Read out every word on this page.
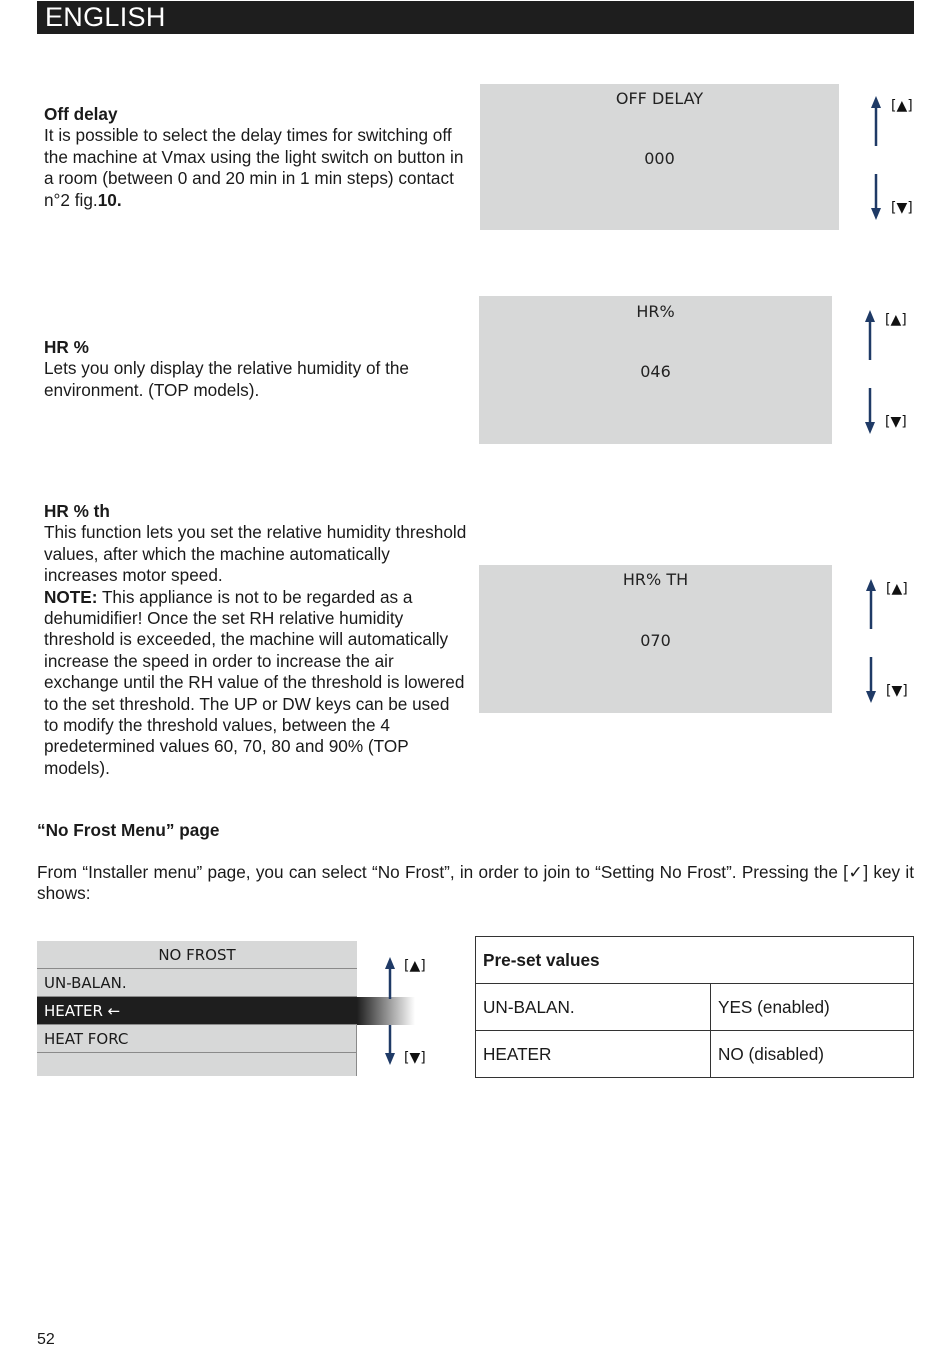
ENGLISH
Off delay

It is possible to select the delay times for switching off the machine at Vmax using the light switch on button in a room (between 0 and 20 min in 1 min steps) contact n°2 fig.10.

OFF DELAY
000
[▲]
[▼]
HR %

Lets you only display the relative humidity of the environment. (TOP models).

HR%
046
[▲]
[▼]
HR % th

This function lets you set the relative humidity threshold values, after which the machine automatically increases motor speed.

NOTE: This appliance is not to be regarded as a dehumidifier! Once the set RH relative humidity threshold is exceeded, the machine will automatically increase the speed in order to increase the air exchange until the RH value of the threshold is lowered to the set threshold. The UP or DW keys can be used to modify the threshold values, between the 4 predetermined values 60, 70, 80 and 90% (TOP models).

HR% TH
070
[▲]
[▼]
“No Frost Menu” page
From “Installer menu” page, you can select “No Frost”, in order to join to “Setting No Frost”. Pressing the [✓] key it shows:
NO FROST
UN-BALAN.
HEATER ←
HEAT FORC
[▲]
[▼]
Pre-set values	
UN-BALAN.	YES (enabled)
HEATER	NO (disabled)
52
